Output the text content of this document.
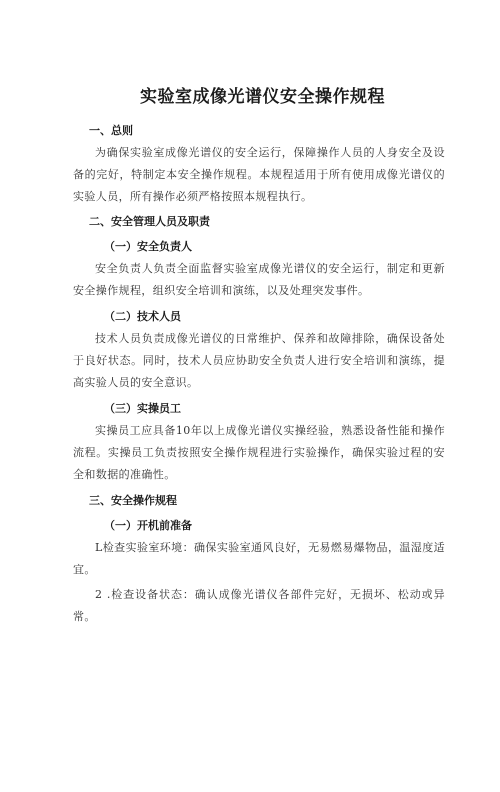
实验室成像光谱仪安全操作规程

一、总则

为确保实验室成像光谱仪的安全运行，保障操作人员的人身安全及设备的完好，特制定本安全操作规程。本规程适用于所有使用成像光谱仪的实验人员，所有操作必须严格按照本规程执行。

二、安全管理人员及职责

（一）安全负责人

安全负责人负责全面监督实验室成像光谱仪的安全运行，制定和更新安全操作规程，组织安全培训和演练，以及处理突发事件。

（二）技术人员

技术人员负责成像光谱仪的日常维护、保养和故障排除，确保设备处于良好状态。同时，技术人员应协助安全负责人进行安全培训和演练，提高实验人员的安全意识。

（三）实操员工

实操员工应具备10年以上成像光谱仪实操经验，熟悉设备性能和操作流程。实操员工负责按照安全操作规程进行实验操作，确保实验过程的安全和数据的准确性。

三、安全操作规程

（一）开机前准备

L检查实验室环境：确保实验室通风良好，无易燃易爆物品，温湿度适宜。

2 .检查设备状态：确认成像光谱仪各部件完好，无损坏、松动或异常。
